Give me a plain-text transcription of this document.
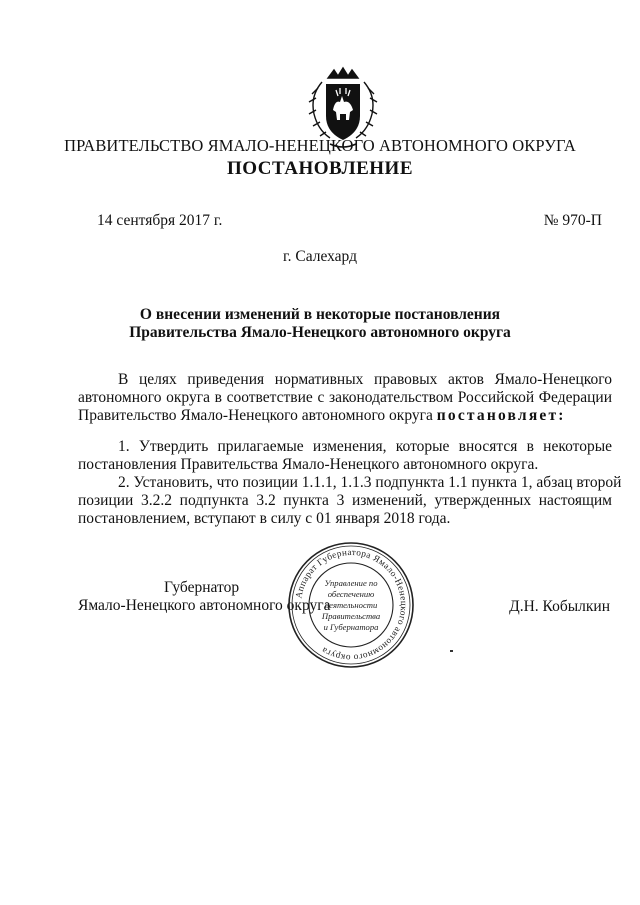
ПРАВИТЕЛЬСТВО ЯМАЛО-НЕНЕЦКОГО АВТОНОМНОГО ОКРУГА
ПОСТАНОВЛЕНИЕ
14 сентября 2017 г.	№ 970-П
г. Салехард
О внесении изменений в некоторые постановления
Правительства Ямало-Ненецкого автономного округа
В целях приведения нормативных правовых актов Ямало-Ненецкого
автономного округа в соответствие с законодательством Российской Федерации
Правительство Ямало-Ненецкого автономного округа постановляет:
1. Утвердить прилагаемые изменения, которые вносятся в некоторые
постановления Правительства Ямало-Ненецкого автономного округа.
2. Установить, что позиции 1.1.1, 1.1.3 подпункта 1.1 пункта 1, абзац второй
позиции 3.2.2 подпункта 3.2 пункта 3 изменений, утвержденных настоящим
постановлением, вступают в силу с 01 января 2018 года.
Губернатор
Ямало-Ненецкого автономного округа	Д.Н. Кобылкин
Аппарат Губернатора Ямало-Ненецкого автономного округа
Управление по
обеспечению
деятельности
Правительства
и Губернатора
